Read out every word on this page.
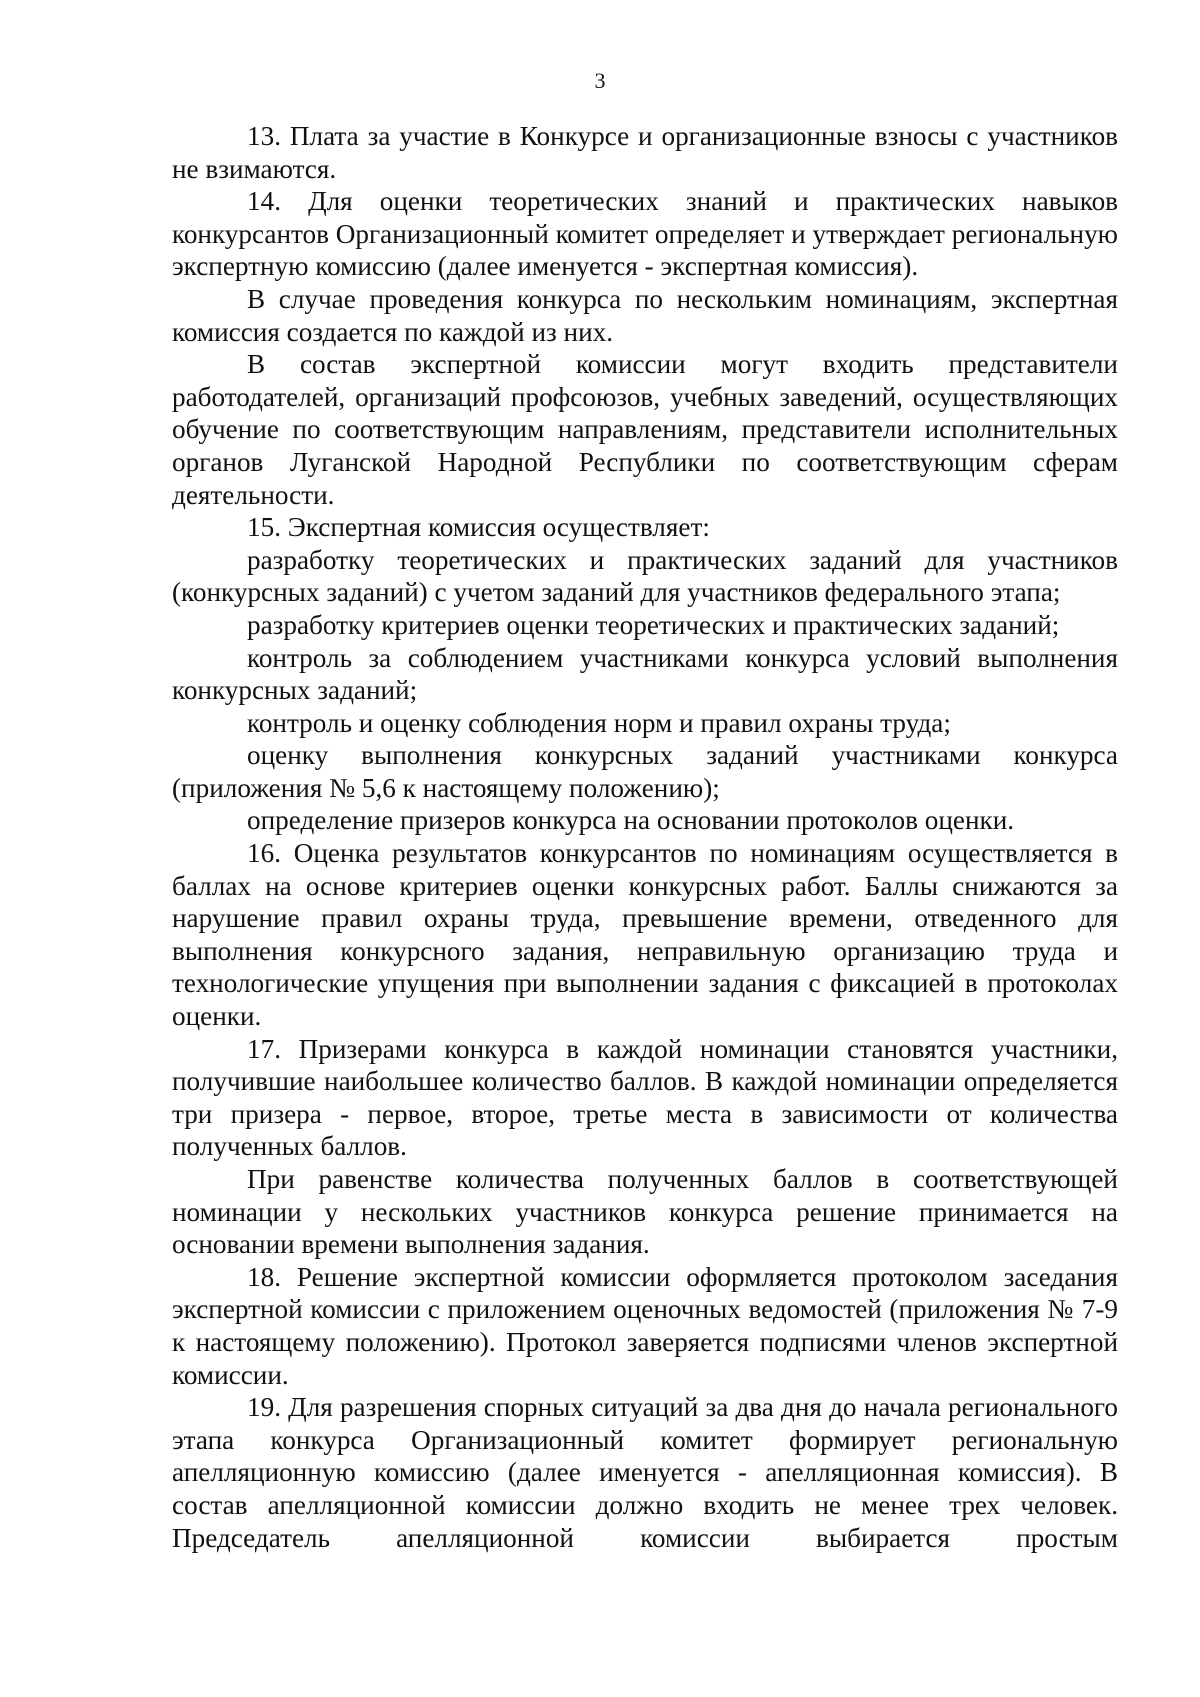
3

13. Плата за участие в Конкурсе и организационные взносы с участников не взимаются.

14. Для оценки теоретических знаний и практических навыков конкурсантов Организационный комитет определяет и утверждает региональную экспертную комиссию (далее именуется - экспертная комиссия).

В случае проведения конкурса по нескольким номинациям, экспертная комиссия создается по каждой из них.

В состав экспертной комиссии могут входить представители работодателей, организаций профсоюзов, учебных заведений, осуществляющих обучение по соответствующим направлениям, представители исполнительных органов Луганской Народной Республики по соответствующим сферам деятельности.

15. Экспертная комиссия осуществляет:

разработку теоретических и практических заданий для участников (конкурсных заданий) с учетом заданий для участников федерального этапа;

разработку критериев оценки теоретических и практических заданий;

контроль за соблюдением участниками конкурса условий выполнения конкурсных заданий;

контроль и оценку соблюдения норм и правил охраны труда;

оценку выполнения конкурсных заданий участниками конкурса (приложения № 5,6 к настоящему положению);

определение призеров конкурса на основании протоколов оценки.

16. Оценка результатов конкурсантов по номинациям осуществляется в баллах на основе критериев оценки конкурсных работ. Баллы снижаются за нарушение правил охраны труда, превышение времени, отведенного для выполнения конкурсного задания, неправильную организацию труда и технологические упущения при выполнении задания с фиксацией в протоколах оценки.

17. Призерами конкурса в каждой номинации становятся участники, получившие наибольшее количество баллов. В каждой номинации определяется три призера - первое, второе, третье места в зависимости от количества полученных баллов.

При равенстве количества полученных баллов в соответствующей номинации у нескольких участников конкурса решение принимается на основании времени выполнения задания.

18. Решение экспертной комиссии оформляется протоколом заседания экспертной комиссии с приложением оценочных ведомостей (приложения № 7-9 к настоящему положению). Протокол заверяется подписями членов экспертной комиссии.

19. Для разрешения спорных ситуаций за два дня до начала регионального этапа конкурса Организационный комитет формирует региональную апелляционную комиссию (далее именуется - апелляционная комиссия). В состав апелляционной комиссии должно входить не менее трех человек. Председатель апелляционной комиссии выбирается простым
